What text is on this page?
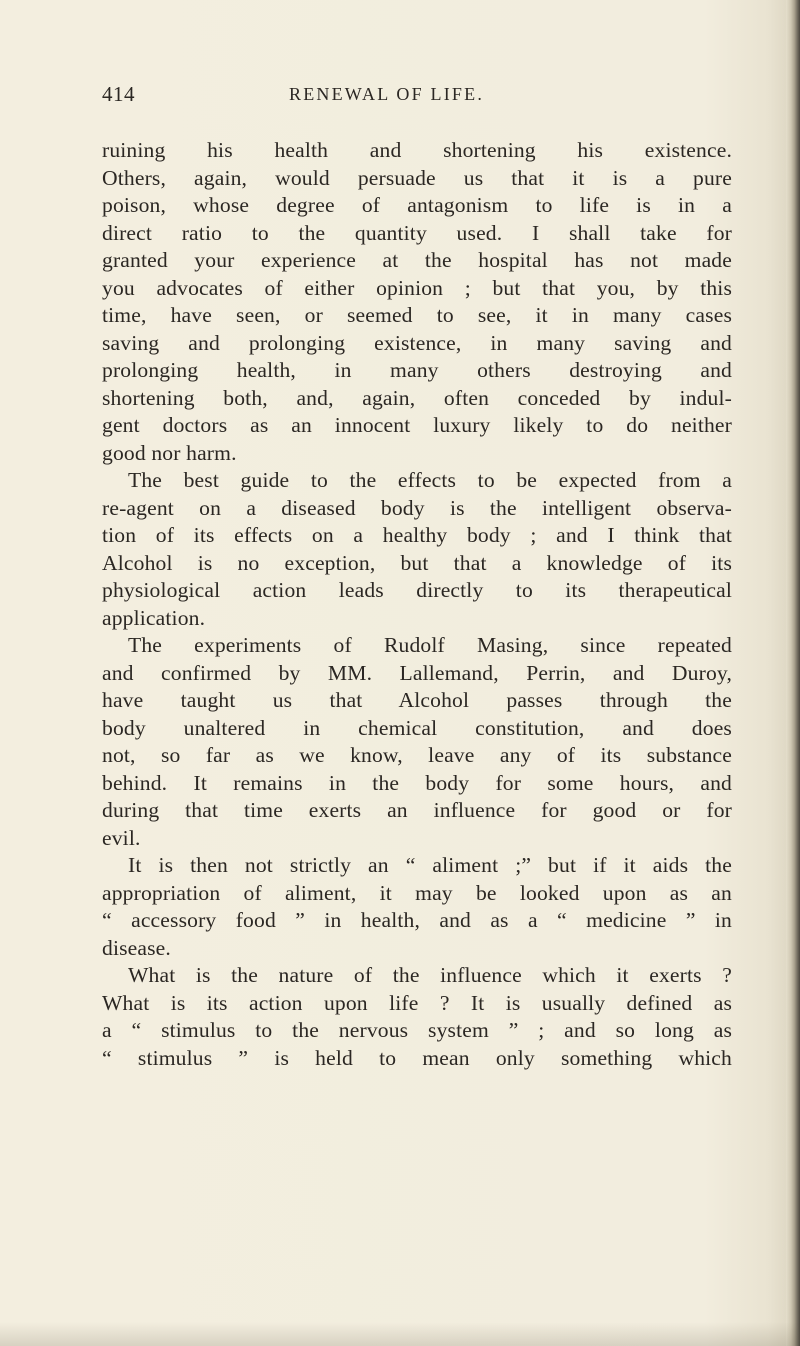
414	RENEWAL OF LIFE.
ruining his health and shortening his existence.
Others, again, would persuade us that it is a pure
poison, whose degree of antagonism to life is in a
direct ratio to the quantity used. I shall take for
granted your experience at the hospital has not made
you advocates of either opinion ; but that you, by this
time, have seen, or seemed to see, it in many cases
saving and prolonging existence, in many saving and
prolonging health, in many others destroying and
shortening both, and, again, often conceded by indul-
gent doctors as an innocent luxury likely to do neither
good nor harm.
The best guide to the effects to be expected from a
re-agent on a diseased body is the intelligent observa-
tion of its effects on a healthy body ; and I think that
Alcohol is no exception, but that a knowledge of its
physiological action leads directly to its therapeutical
application.
The experiments of Rudolf Masing, since repeated
and confirmed by MM. Lallemand, Perrin, and Duroy,
have taught us that Alcohol passes through the
body unaltered in chemical constitution, and does
not, so far as we know, leave any of its substance
behind. It remains in the body for some hours, and
during that time exerts an influence for good or for
evil.
It is then not strictly an “ aliment ;” but if it aids the
appropriation of aliment, it may be looked upon as an
“ accessory food ” in health, and as a “ medicine ” in
disease.
What is the nature of the influence which it exerts ?
What is its action upon life ? It is usually defined as
a “ stimulus to the nervous system ” ; and so long as
“ stimulus ” is held to mean only something which
